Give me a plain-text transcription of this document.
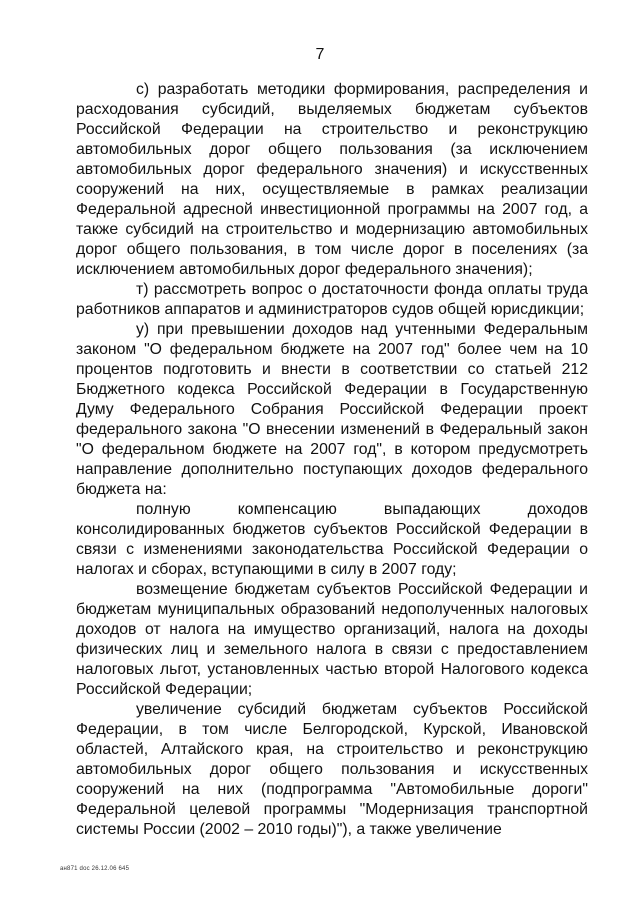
7

с) разработать методики формирования, распределения и расходования субсидий, выделяемых бюджетам субъектов Российской Федерации на строительство и реконструкцию автомобильных дорог общего пользования (за исключением автомобильных дорог федерального значения) и искусственных сооружений на них, осуществляемые в рамках реализации Федеральной адресной инвестиционной программы на 2007 год, а также субсидий на строительство и модернизацию автомобильных дорог общего пользования, в том числе дорог в поселениях (за исключением автомобильных дорог федерального значения);

т) рассмотреть вопрос о достаточности фонда оплаты труда работников аппаратов и администраторов судов общей юрисдикции;

у) при превышении доходов над учтенными Федеральным законом "О федеральном бюджете на 2007 год" более чем на 10 процентов подготовить и внести в соответствии со статьей 212 Бюджетного кодекса Российской Федерации в Государственную Думу Федерального Собрания Российской Федерации проект федерального закона "О внесении изменений в Федеральный закон "О федеральном бюджете на 2007 год", в котором предусмотреть направление дополнительно поступающих доходов федерального бюджета на:

полную компенсацию выпадающих доходов консолидированных бюджетов субъектов Российской Федерации в связи с изменениями законодательства Российской Федерации о налогах и сборах, вступающими в силу в 2007 году;

возмещение бюджетам субъектов Российской Федерации и бюджетам муниципальных образований недополученных налоговых доходов от налога на имущество организаций, налога на доходы физических лиц и земельного налога в связи с предоставлением налоговых льгот, установленных частью второй Налогового кодекса Российской Федерации;

увеличение субсидий бюджетам субъектов Российской Федерации, в том числе Белгородской, Курской, Ивановской областей, Алтайского края, на строительство и реконструкцию автомобильных дорог общего пользования и искусственных сооружений на них (подпрограмма "Автомобильные дороги" Федеральной целевой программы "Модернизация транспортной системы России (2002 – 2010 годы)"), а также увеличение

ан871 doc 26.12.06 645
